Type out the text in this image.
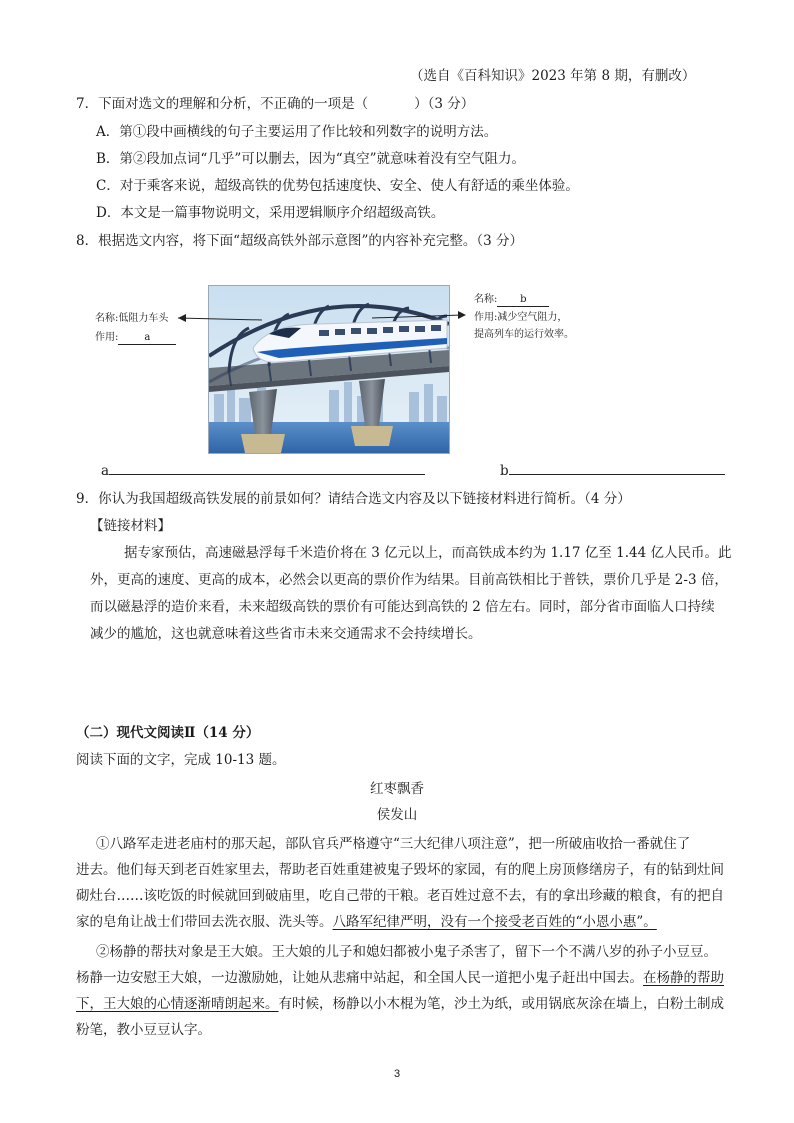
（选自《百科知识》2023 年第 8 期，有删改）
7．下面对选文的理解和分析，不正确的一项是（	）（3 分）
A．第①段中画横线的句子主要运用了作比较和列数字的说明方法。
B．第②段加点词“几乎”可以删去，因为“真空”就意味着没有空气阻力。
C．对于乘客来说，超级高铁的优势包括速度快、安全、使人有舒适的乘坐体验。
D．本文是一篇事物说明文，采用逻辑顺序介绍超级高铁。
8．根据选文内容，将下面“超级高铁外部示意图”的内容补充完整。（3 分）
名称:低阻力车头
作用:	a
名称: b
作用:减少空气阻力，
提高列车的运行效率。
a	b
9．你认为我国超级高铁发展的前景如何？请结合选文内容及以下链接材料进行简析。（4 分）
【链接材料】
据专家预估，高速磁悬浮每千米造价将在 3 亿元以上，而高铁成本约为 1.17 亿至 1.44 亿人民币。此
外，更高的速度、更高的成本，必然会以更高的票价作为结果。目前高铁相比于普铁，票价几乎是 2-3 倍，
而以磁悬浮的造价来看，未来超级高铁的票价有可能达到高铁的 2 倍左右。同时，部分省市面临人口持续
减少的尴尬，这也就意味着这些省市未来交通需求不会持续增长。
（二）现代文阅读Ⅱ（14 分）
阅读下面的文字，完成 10-13 题。
红枣飘香
侯发山
①八路军走进老庙村的那天起，部队官兵严格遵守“三大纪律八项注意”，把一所破庙收拾一番就住了
进去。他们每天到老百姓家里去，帮助老百姓重建被鬼子毁坏的家园，有的爬上房顶修缮房子，有的钻到灶间
砌灶台……该吃饭的时候就回到破庙里，吃自己带的干粮。老百姓过意不去，有的拿出珍藏的粮食，有的把自
家的皂角让战士们带回去洗衣服、洗头等。八路军纪律严明，没有一个接受老百姓的“小恩小惠”。
②杨静的帮扶对象是王大娘。王大娘的儿子和媳妇都被小鬼子杀害了，留下一个不满八岁的孙子小豆豆。
杨静一边安慰王大娘，一边激励她，让她从悲痛中站起，和全国人民一道把小鬼子赶出中国去。在杨静的帮助
下，王大娘的心情逐渐晴朗起来。有时候，杨静以小木棍为笔，沙土为纸，或用锅底灰涂在墙上，白粉土制成
粉笔，教小豆豆认字。
3
